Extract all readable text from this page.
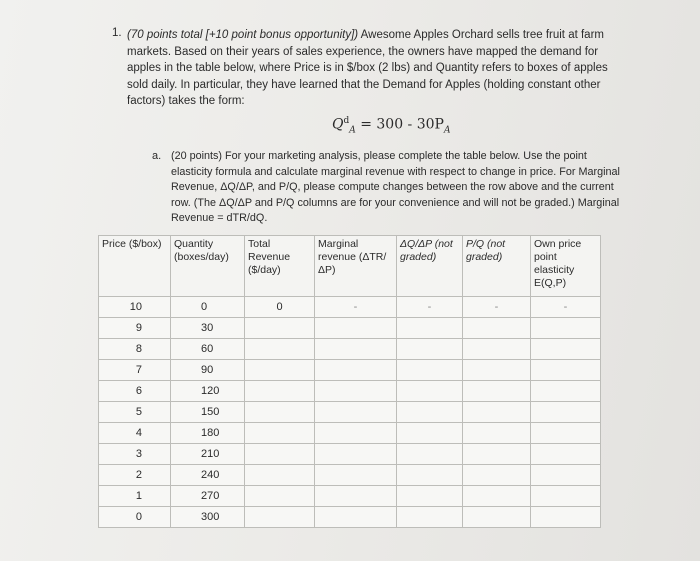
1. (70 points total [+10 point bonus opportunity]) Awesome Apples Orchard sells tree fruit at farm markets. Based on their years of sales experience, the owners have mapped the demand for apples in the table below, where Price is in $/box (2 lbs) and Quantity refers to boxes of apples sold daily. In particular, they have learned that the Demand for Apples (holding constant other factors) takes the form:
$Q^d_A = 300 - 30P_A$
a. (20 points) For your marketing analysis, please complete the table below. Use the point elasticity formula and calculate marginal revenue with respect to change in price. For Marginal Revenue, ΔQ/ΔP, and P/Q, please compute changes between the row above and the current row. (The ΔQ/ΔP and P/Q columns are for your convenience and will not be graded.) Marginal Revenue = dTR/dQ.
Price ($/box)	Quantity (boxes/day)	Total Revenue ($/day)	Marginal revenue (ΔTR/ΔP)	ΔQ/ΔP (not graded)	P/Q (not graded)	Own price point elasticity E(Q,P)
10	0	0	-	-	-	-
9	30					
8	60					
7	90					
6	120					
5	150					
4	180					
3	210					
2	240					
1	270					
0	300					
